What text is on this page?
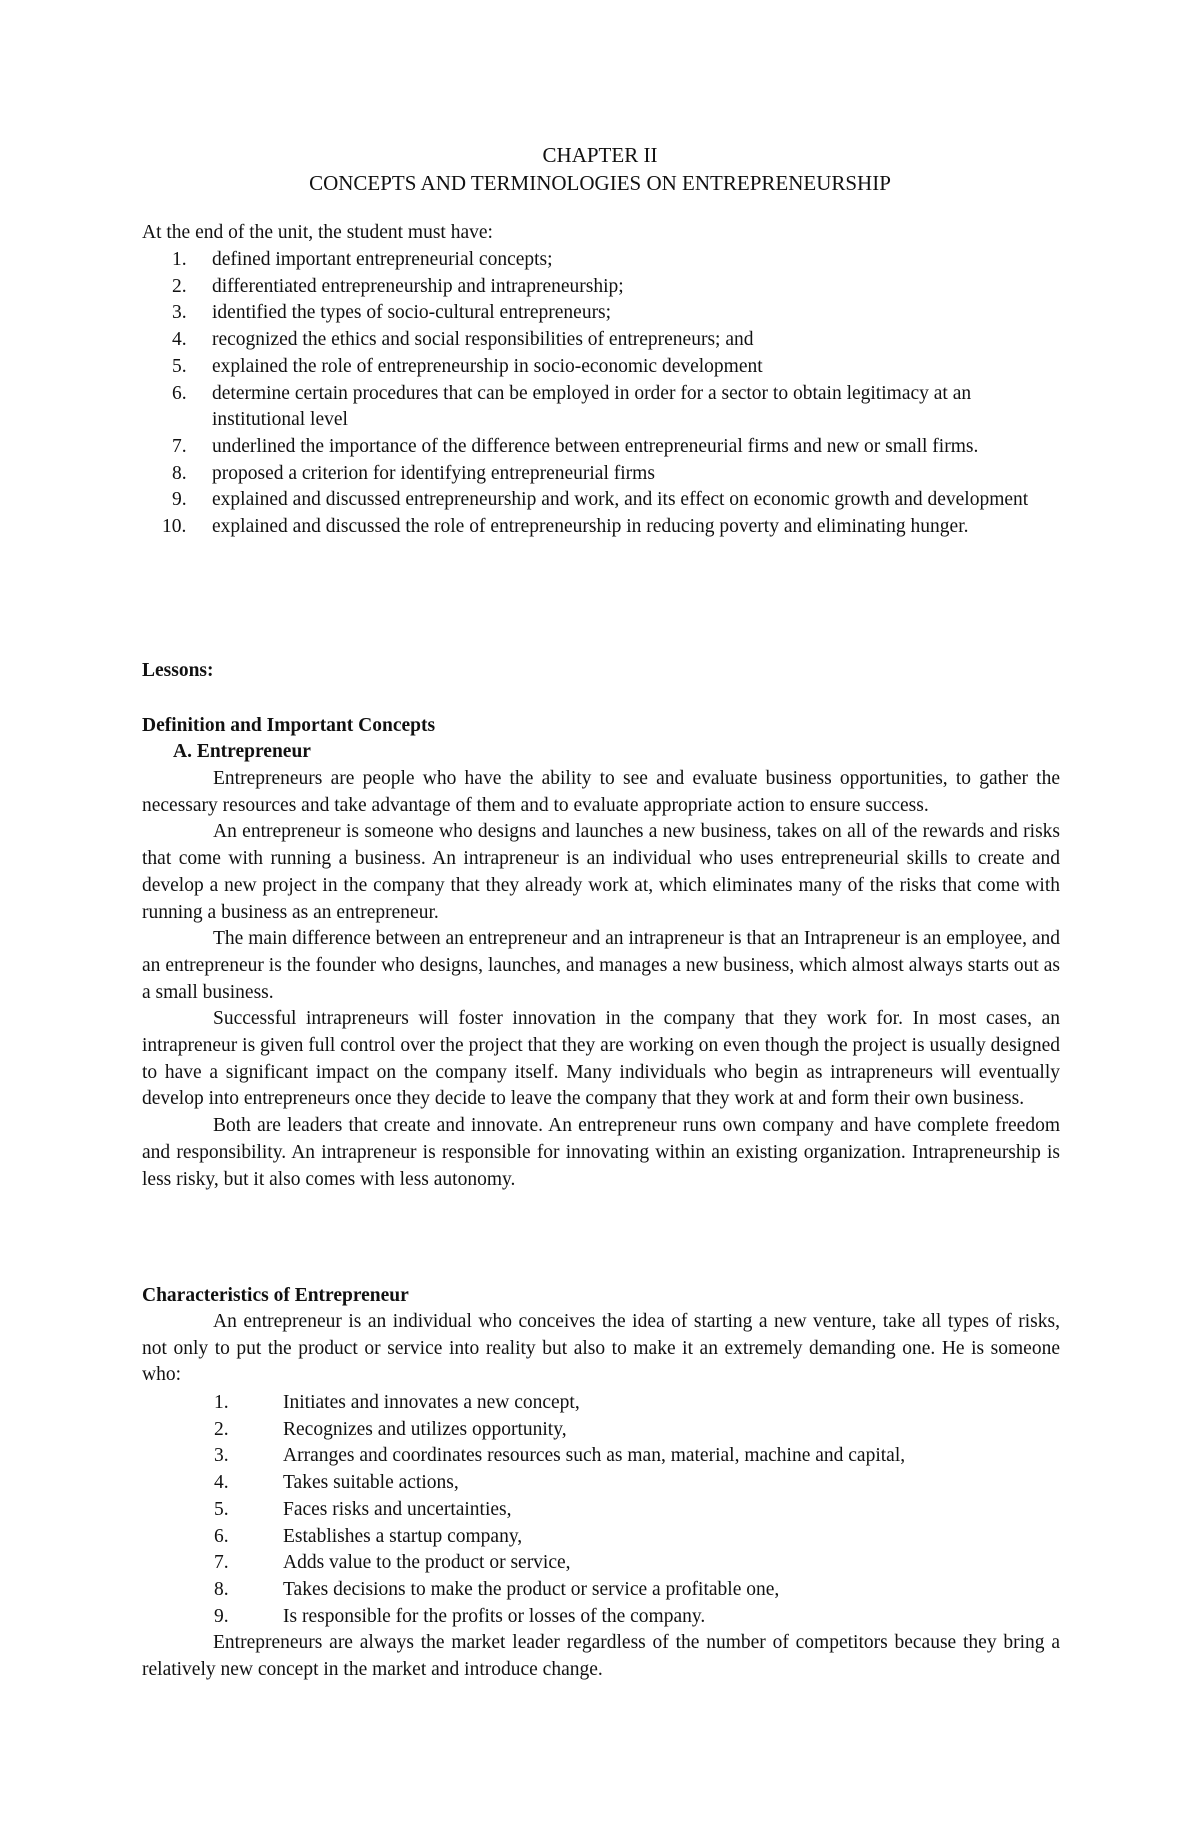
CHAPTER II
CONCEPTS AND TERMINOLOGIES ON ENTREPRENEURSHIP
At the end of the unit, the student must have:
1. defined important entrepreneurial concepts;
2. differentiated entrepreneurship and intrapreneurship;
3. identified the types of socio-cultural entrepreneurs;
4. recognized the ethics and social responsibilities of entrepreneurs; and
5. explained the role of entrepreneurship in socio-economic development
6. determine certain procedures that can be employed in order for a sector to obtain legitimacy at an institutional level
7. underlined the importance of the difference between entrepreneurial firms and new or small firms.
8. proposed a criterion for identifying entrepreneurial firms
9. explained and discussed entrepreneurship and work, and its effect on economic growth and development
10. explained and discussed the role of entrepreneurship in reducing poverty and eliminating hunger.
Lessons:
Definition and Important Concepts
A. Entrepreneur

Entrepreneurs are people who have the ability to see and evaluate business opportunities, to gather the necessary resources and take advantage of them and to evaluate appropriate action to ensure success.

An entrepreneur is someone who designs and launches a new business, takes on all of the rewards and risks that come with running a business. An intrapreneur is an individual who uses entrepreneurial skills to create and develop a new project in the company that they already work at, which eliminates many of the risks that come with running a business as an entrepreneur.

The main difference between an entrepreneur and an intrapreneur is that an Intrapreneur is an employee, and an entrepreneur is the founder who designs, launches, and manages a new business, which almost always starts out as a small business.

Successful intrapreneurs will foster innovation in the company that they work for. In most cases, an intrapreneur is given full control over the project that they are working on even though the project is usually designed to have a significant impact on the company itself. Many individuals who begin as intrapreneurs will eventually develop into entrepreneurs once they decide to leave the company that they work at and form their own business.

Both are leaders that create and innovate. An entrepreneur runs own company and have complete freedom and responsibility. An intrapreneur is responsible for innovating within an existing organization. Intrapreneurship is less risky, but it also comes with less autonomy.

Characteristics of Entrepreneur

An entrepreneur is an individual who conceives the idea of starting a new venture, take all types of risks, not only to put the product or service into reality but also to make it an extremely demanding one. He is someone who:

1.	Initiates and innovates a new concept,
2.	Recognizes and utilizes opportunity,
3.	Arranges and coordinates resources such as man, material, machine and capital,
4.	Takes suitable actions,
5.	Faces risks and uncertainties,
6.	Establishes a startup company,
7.	Adds value to the product or service,
8.	Takes decisions to make the product or service a profitable one,
9.	Is responsible for the profits or losses of the company.

Entrepreneurs are always the market leader regardless of the number of competitors because they bring a relatively new concept in the market and introduce change.
